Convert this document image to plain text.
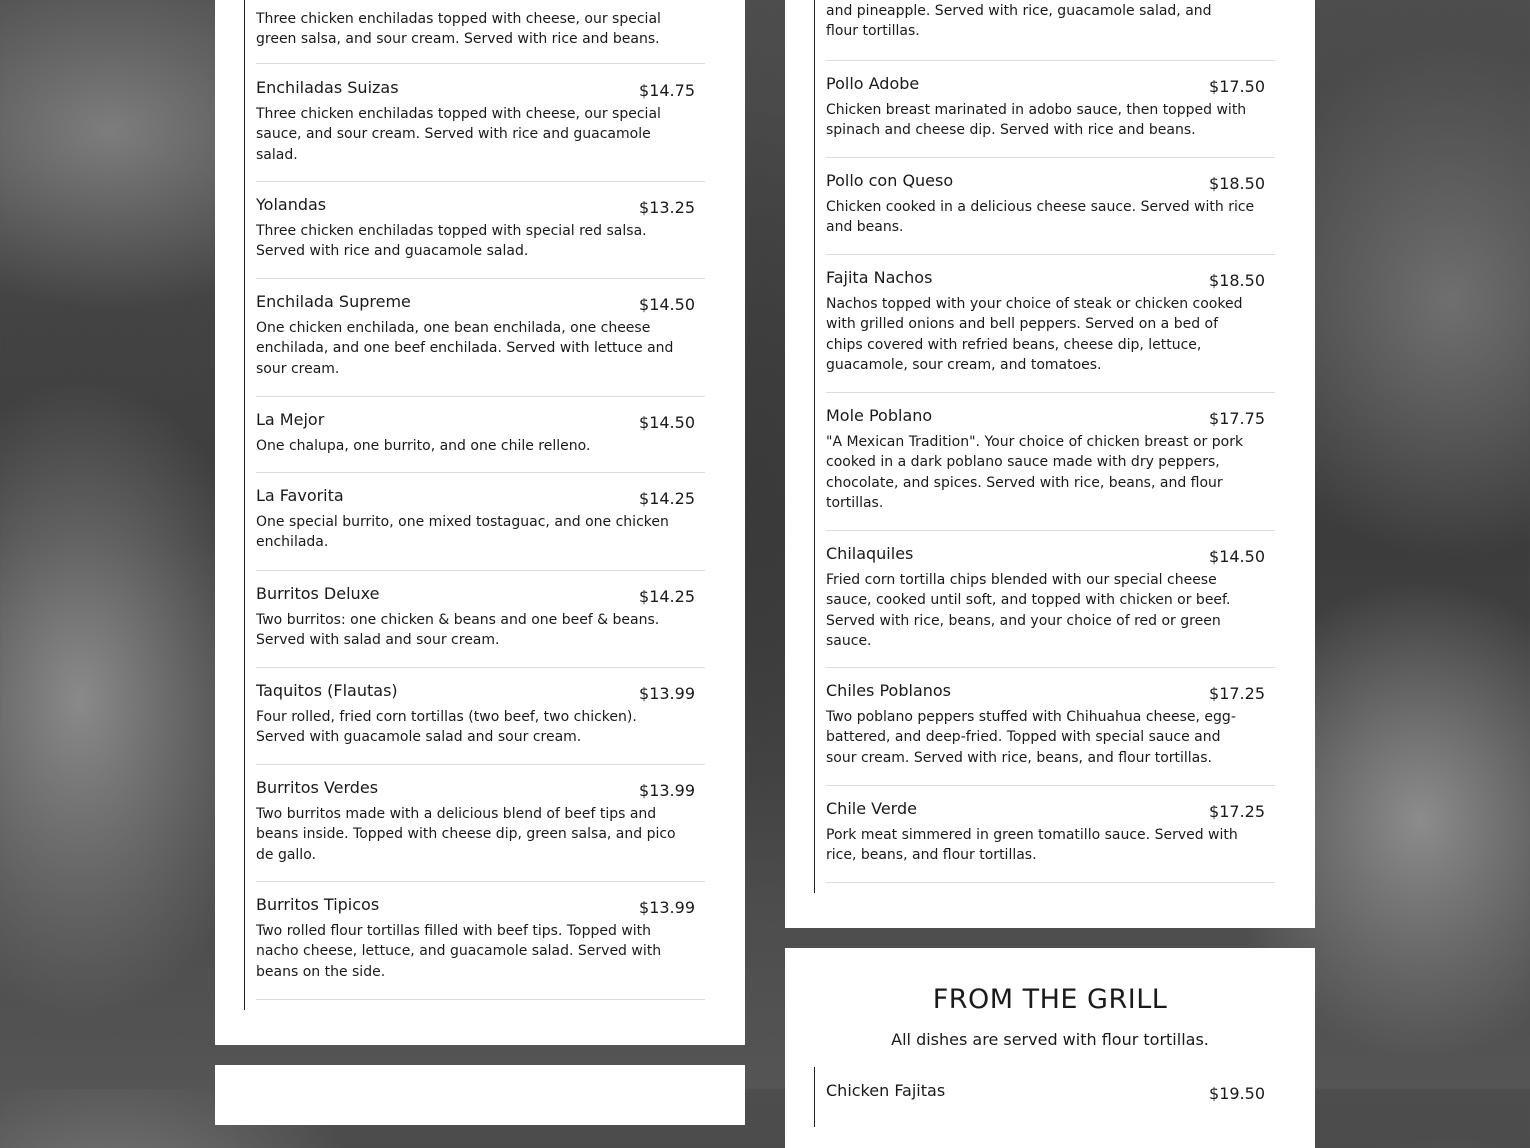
Three chicken enchiladas topped with cheese, our special green salsa, and sour cream. Served with rice and beans.
Enchiladas Suizas	$14.75
Three chicken enchiladas topped with cheese, our special sauce, and sour cream. Served with rice and guacamole salad.
Yolandas	$13.25
Three chicken enchiladas topped with special red salsa. Served with rice and guacamole salad.
Enchilada Supreme	$14.50
One chicken enchilada, one bean enchilada, one cheese enchilada, and one beef enchilada. Served with lettuce and sour cream.
La Mejor	$14.50
One chalupa, one burrito, and one chile relleno.
La Favorita	$14.25
One special burrito, one mixed tostaguac, and one chicken enchilada.
Burritos Deluxe	$14.25
Two burritos: one chicken & beans and one beef & beans. Served with salad and sour cream.
Taquitos (Flautas)	$13.99
Four rolled, fried corn tortillas (two beef, two chicken). Served with guacamole salad and sour cream.
Burritos Verdes	$13.99
Two burritos made with a delicious blend of beef tips and beans inside. Topped with cheese dip, green salsa, and pico de gallo.
Burritos Tipicos	$13.99
Two rolled flour tortillas filled with beef tips. Topped with nacho cheese, lettuce, and guacamole salad. Served with beans on the side.
and pineapple. Served with rice, guacamole salad, and flour tortillas.
Pollo Adobe	$17.50
Chicken breast marinated in adobo sauce, then topped with spinach and cheese dip. Served with rice and beans.
Pollo con Queso	$18.50
Chicken cooked in a delicious cheese sauce. Served with rice and beans.
Fajita Nachos	$18.50
Nachos topped with your choice of steak or chicken cooked with grilled onions and bell peppers. Served on a bed of chips covered with refried beans, cheese dip, lettuce, guacamole, sour cream, and tomatoes.
Mole Poblano	$17.75
"A Mexican Tradition". Your choice of chicken breast or pork cooked in a dark poblano sauce made with dry peppers, chocolate, and spices. Served with rice, beans, and flour tortillas.
Chilaquiles	$14.50
Fried corn tortilla chips blended with our special cheese sauce, cooked until soft, and topped with chicken or beef. Served with rice, beans, and your choice of red or green sauce.
Chiles Poblanos	$17.25
Two poblano peppers stuffed with Chihuahua cheese, egg-battered, and deep-fried. Topped with special sauce and sour cream. Served with rice, beans, and flour tortillas.
Chile Verde	$17.25
Pork meat simmered in green tomatillo sauce. Served with rice, beans, and flour tortillas.
FROM THE GRILL
All dishes are served with flour tortillas.
Chicken Fajitas	$19.50
